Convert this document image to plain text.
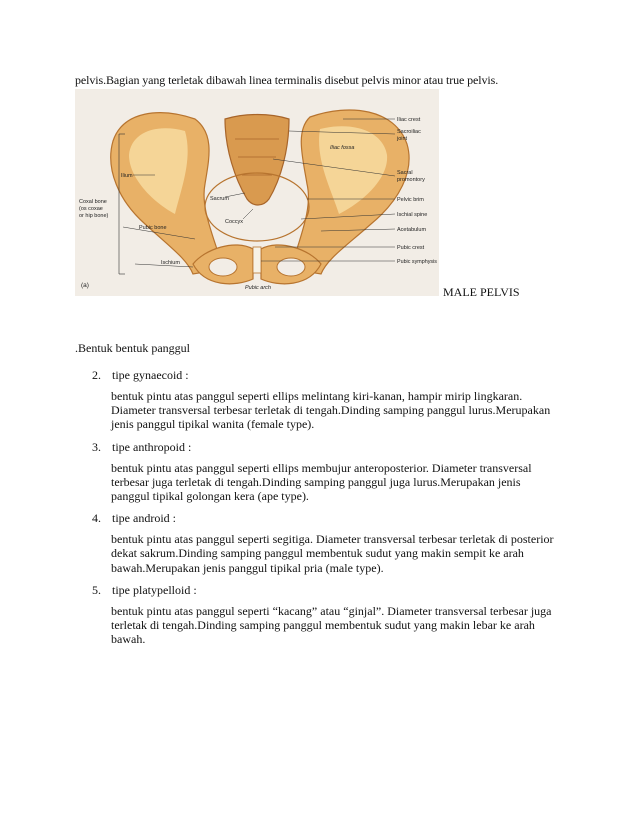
pelvis.Bagian yang terletak dibawah linea terminalis disebut pelvis minor atau true pelvis.
Ilium
Coxal bone
(os coxae
or hip bone)
Pubic bone
Ischium
(a)
Iliac fossa
Sacrum
Coccyx
Pubic arch
Iliac crest
Sacroiliac
joint
Sacral
promontory
Pelvic brim
Ischial spine
Acetabulum
Pubic crest
Pubic symphysis
MALE PELVIS
.Bentuk bentuk panggul
2. tipe gynaecoid :
bentuk pintu atas panggul seperti ellips melintang kiri-kanan, hampir mirip lingkaran. Diameter transversal terbesar terletak di tengah.Dinding samping panggul lurus.Merupakan jenis panggul tipikal wanita (female type).
3. tipe anthropoid :
bentuk pintu atas panggul seperti ellips membujur anteroposterior. Diameter transversal terbesar juga terletak di tengah.Dinding samping panggul juga lurus.Merupakan jenis panggul tipikal golongan kera (ape type).
4. tipe android :
bentuk pintu atas panggul seperti segitiga. Diameter transversal terbesar terletak di posterior dekat sakrum.Dinding samping panggul membentuk sudut yang makin sempit ke arah bawah.Merupakan jenis panggul tipikal pria (male type).
5. tipe platypelloid :
bentuk pintu atas panggul seperti “kacang” atau “ginjal”. Diameter transversal terbesar juga terletak di tengah.Dinding samping panggul membentuk sudut yang makin lebar ke arah bawah.
